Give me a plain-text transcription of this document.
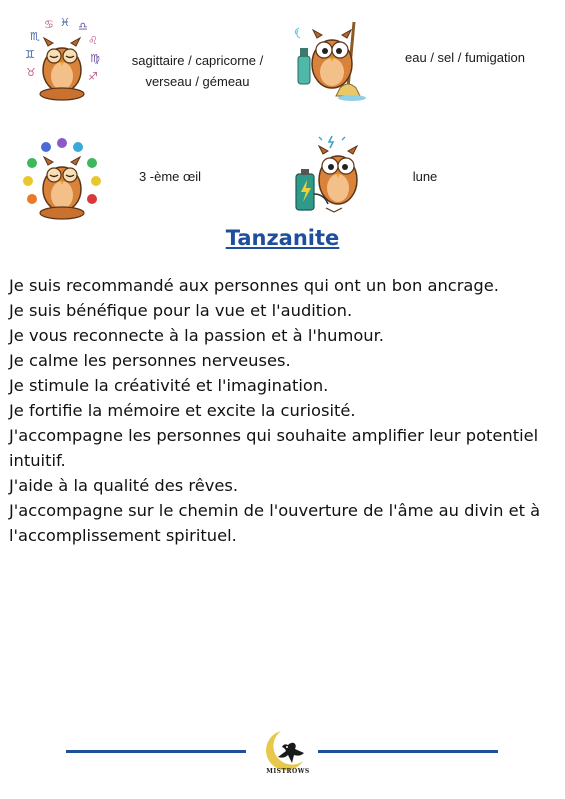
♏
♋ ♓ ♎
♌
♊
♉
♍
♐
sagittaire / capricorne /
verseau / gémeau
eau / sel / fumigation
3 -ème œil	lune
Tanzanite

Je suis recommandé aux personnes qui ont un bon ancrage.

Je suis bénéfique pour la vue et l'audition.

Je vous reconnecte à la passion et à l'humour.

Je calme les personnes nerveuses.

Je stimule la créativité et l'imagination.

Je fortifie la mémoire et excite la curiosité.

J'accompagne les personnes qui souhaite amplifier leur potentiel intuitif.

J'aide à la qualité des rêves.

J'accompagne sur le chemin de l'ouverture de l'âme au divin et à l'accomplissement spirituel.

MISTROWS
